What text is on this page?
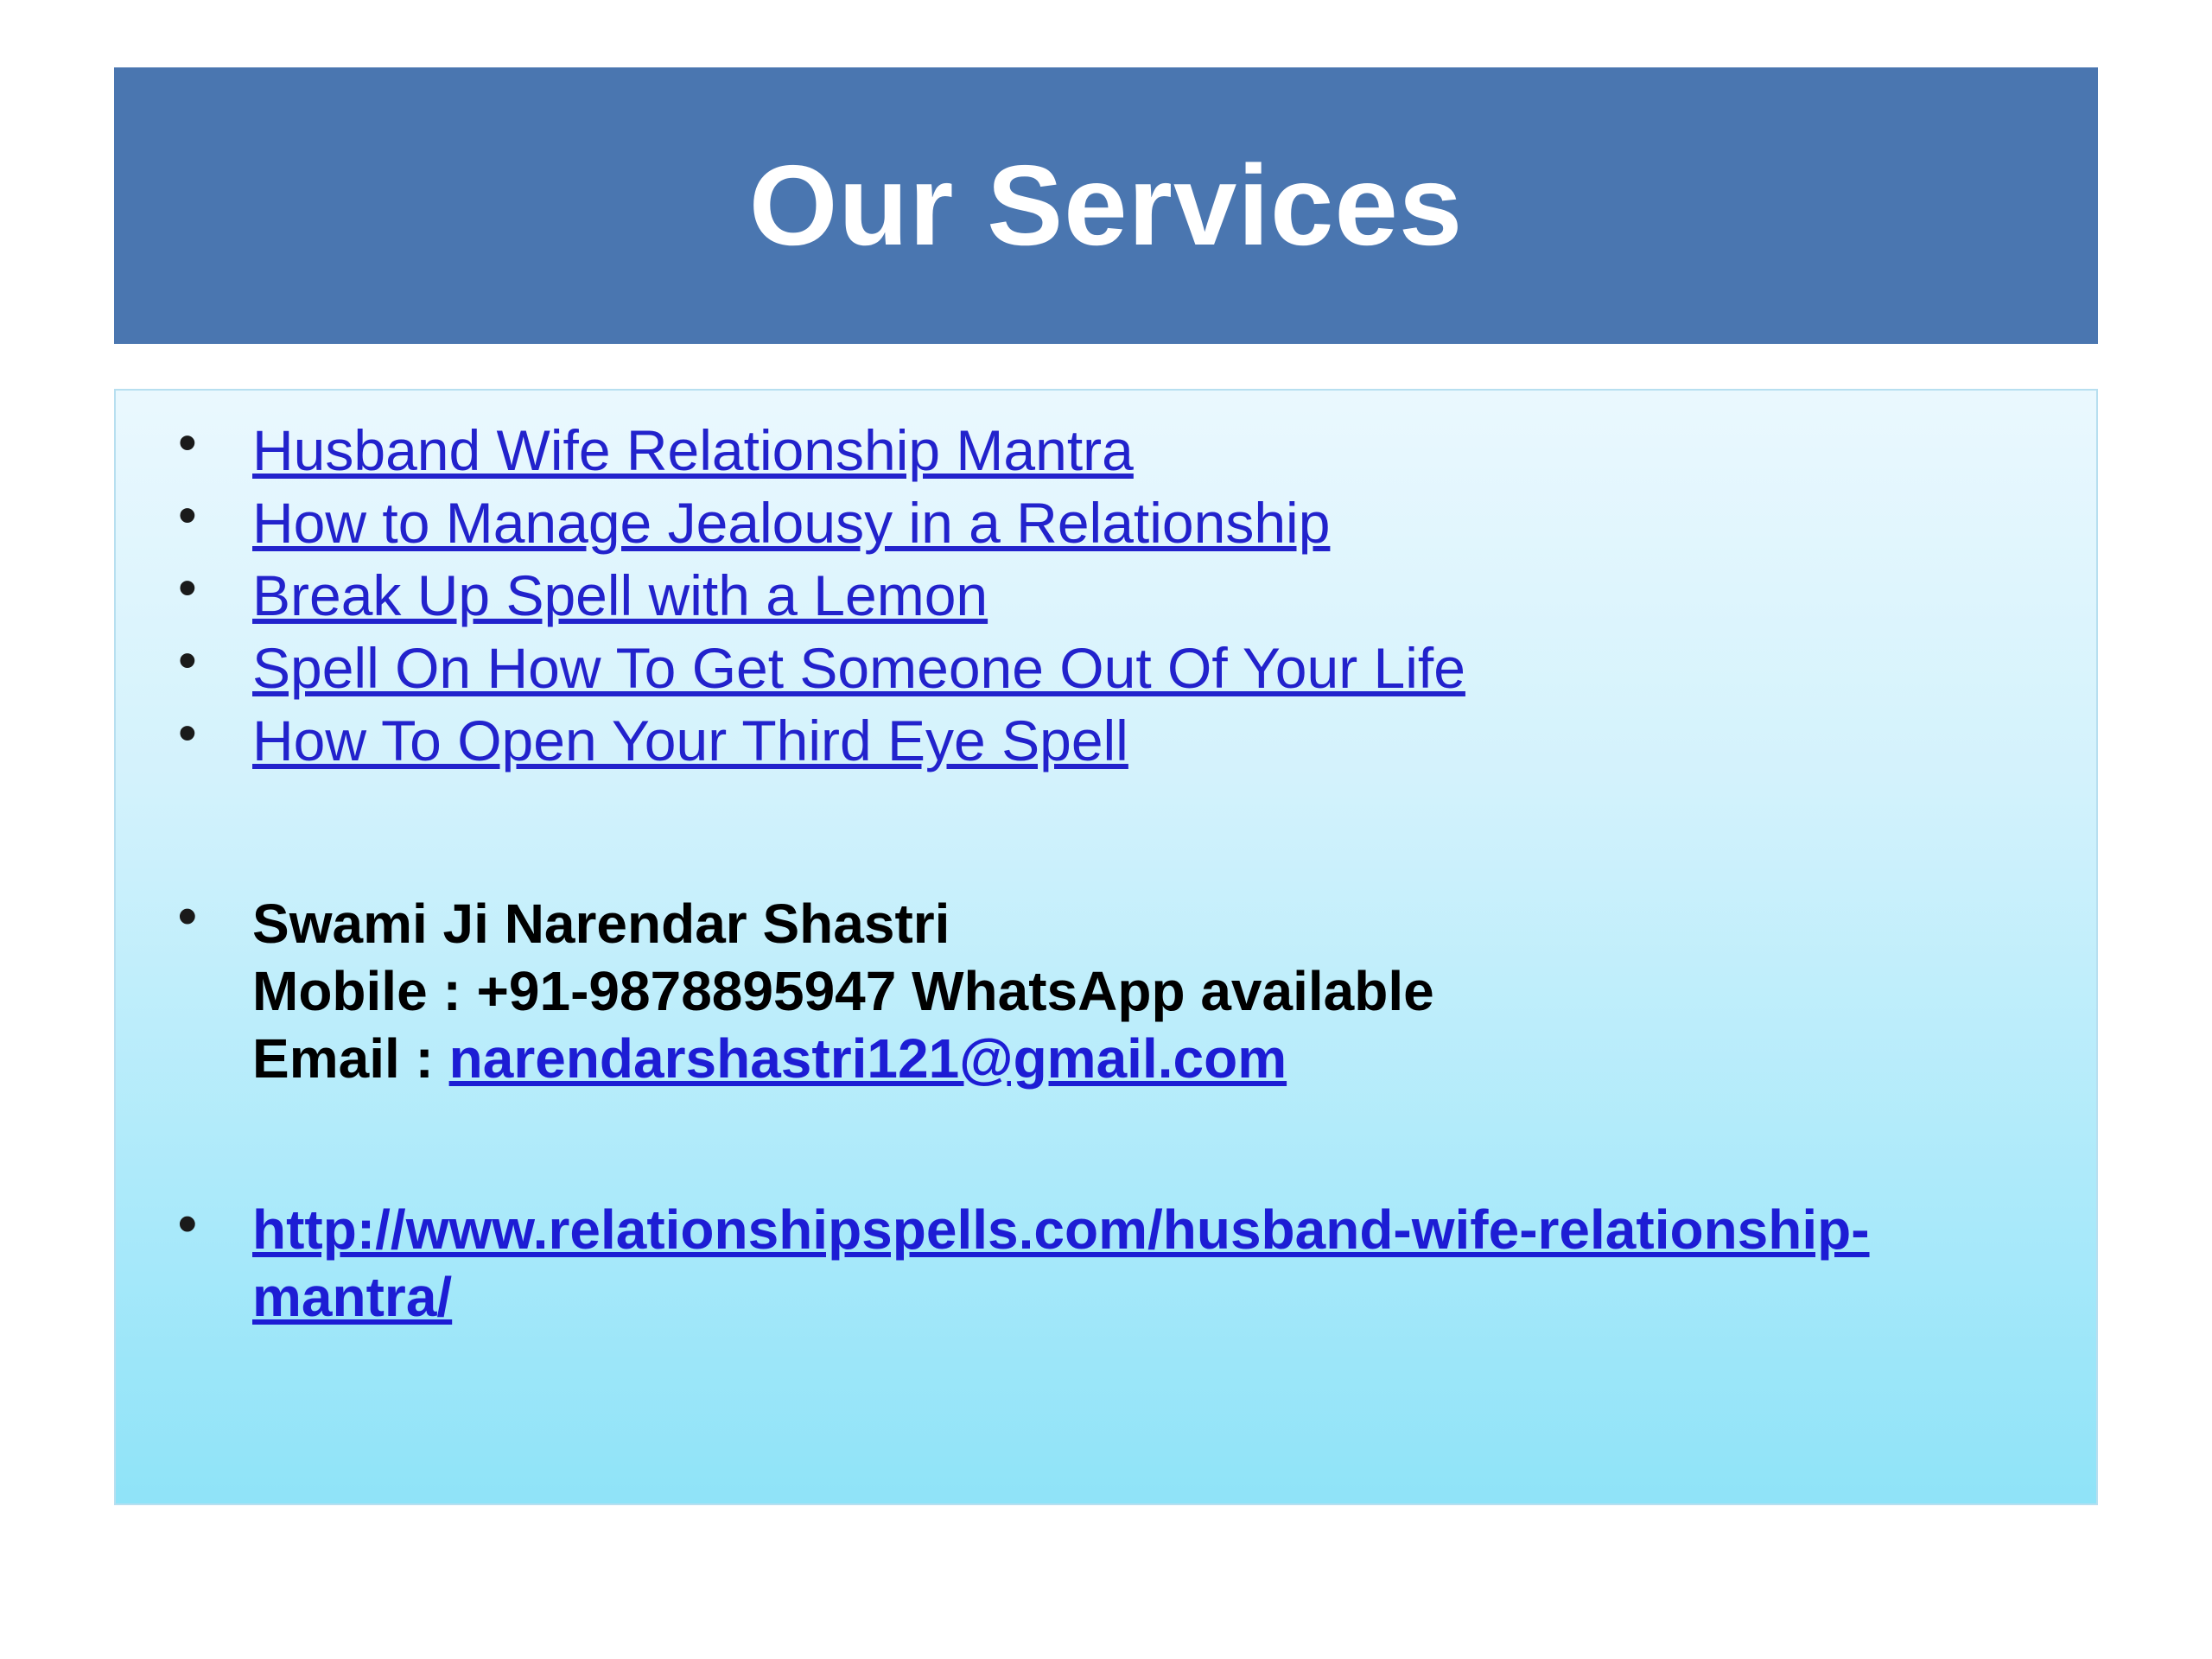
Our Services
• Husband Wife Relationship Mantra
• How to Manage Jealousy in a Relationship
• Break Up Spell with a Lemon
• Spell On How To Get Someone Out Of Your Life
• How To Open Your Third Eye Spell
• Swami Ji Narendar Shastri
Mobile : +91-9878895947 WhatsApp available
Email : narendarshastri121@gmail.com
• http://www.relationshipspells.com/husband-wife-relationship-mantra/
